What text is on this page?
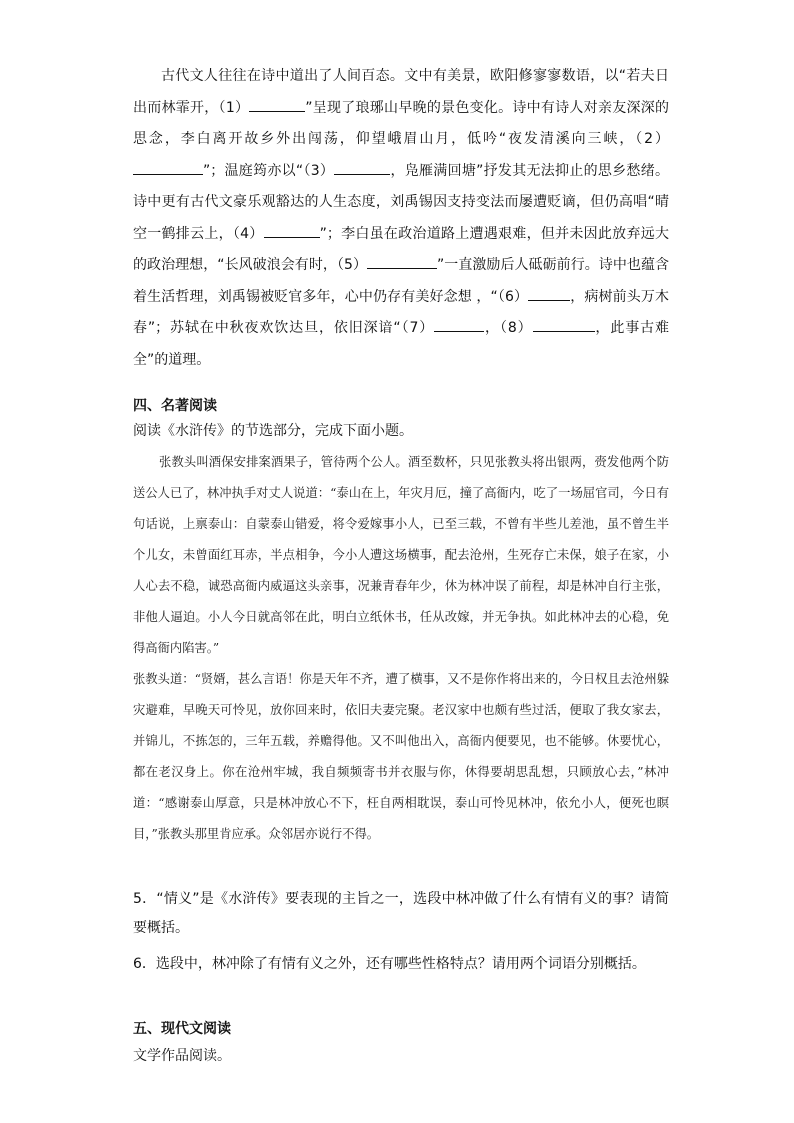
古代文人往往在诗中道出了人间百态。文中有美景，欧阳修寥寥数语，以“若夫日出而林霏开，（1）	”呈现了琅琊山早晚的景色变化。诗中有诗人对亲友深深的思念，李白离开故乡外出闯荡，仰望峨眉山月，低吟“夜发清溪向三峡，（2）”；温庭筠亦以“（3）	，凫雁满回塘”抒发其无法抑止的思乡愁绪。诗中更有古代文豪乐观豁达的人生态度，刘禹锡因支持变法而屡遭贬谪，但仍高唱“晴空一鹤排云上，（4）	”；李白虽在政治道路上遭遇艰难，但并未因此放弃远大的政治理想，“长风破浪会有时，（5）	”一直激励后人砥砺前行。诗中也蕴含着生活哲理，刘禹锡被贬官多年，心中仍存有美好念想 ，“（6）	，病树前头万木春”；苏轼在中秋夜欢饮达旦，依旧深谙“（7）	，（8）	，此事古难全”的道理。

四、名著阅读
阅读《水浒传》的节选部分，完成下面小题。

张教头叫酒保安排案酒果子，管待两个公人。酒至数杯，只见张教头将出银两，赍发他两个防送公人已了，林冲执手对丈人说道：“泰山在上，年灾月厄，撞了高衙内，吃了一场屈官司，今日有句话说，上禀泰山：自蒙泰山错爱，将令爱嫁事小人，已至三载，不曾有半些儿差池，虽不曾生半个儿女，未曾面红耳赤，半点相争，今小人遭这场横事，配去沧州，生死存亡未保，娘子在家，小人心去不稳，诚恐高衙内威逼这头亲事，况兼青春年少，休为林冲误了前程，却是林冲自行主张，非他人逼迫。小人今日就高邻在此，明白立纸休书，任从改嫁，并无争执。如此林冲去的心稳，免得高衙内陷害。”

张教头道：“贤婿，甚么言语！你是天年不齐，遭了横事，又不是你作将出来的，今日权且去沧州躲灾避难，早晚天可怜见，放你回来时，依旧夫妻完聚。老汉家中也颇有些过活，便取了我女家去，并锦儿，不拣怎的，三年五载，养赡得他。又不叫他出入，高衙内便要见，也不能够。休要忧心，都在老汉身上。你在沧州牢城，我自频频寄书并衣服与你，休得要胡思乱想，只顾放心去，”林冲道：“感谢泰山厚意，只是林冲放心不下，枉自两相耽误，泰山可怜见林冲，依允小人，便死也瞑目，”张教头那里肯应承。众邻居亦说行不得。

5．“情义”是《水浒传》要表现的主旨之一，选段中林冲做了什么有情有义的事？请简要概括。
6．选段中，林冲除了有情有义之外，还有哪些性格特点？请用两个词语分别概括。
五、现代文阅读
文学作品阅读。
